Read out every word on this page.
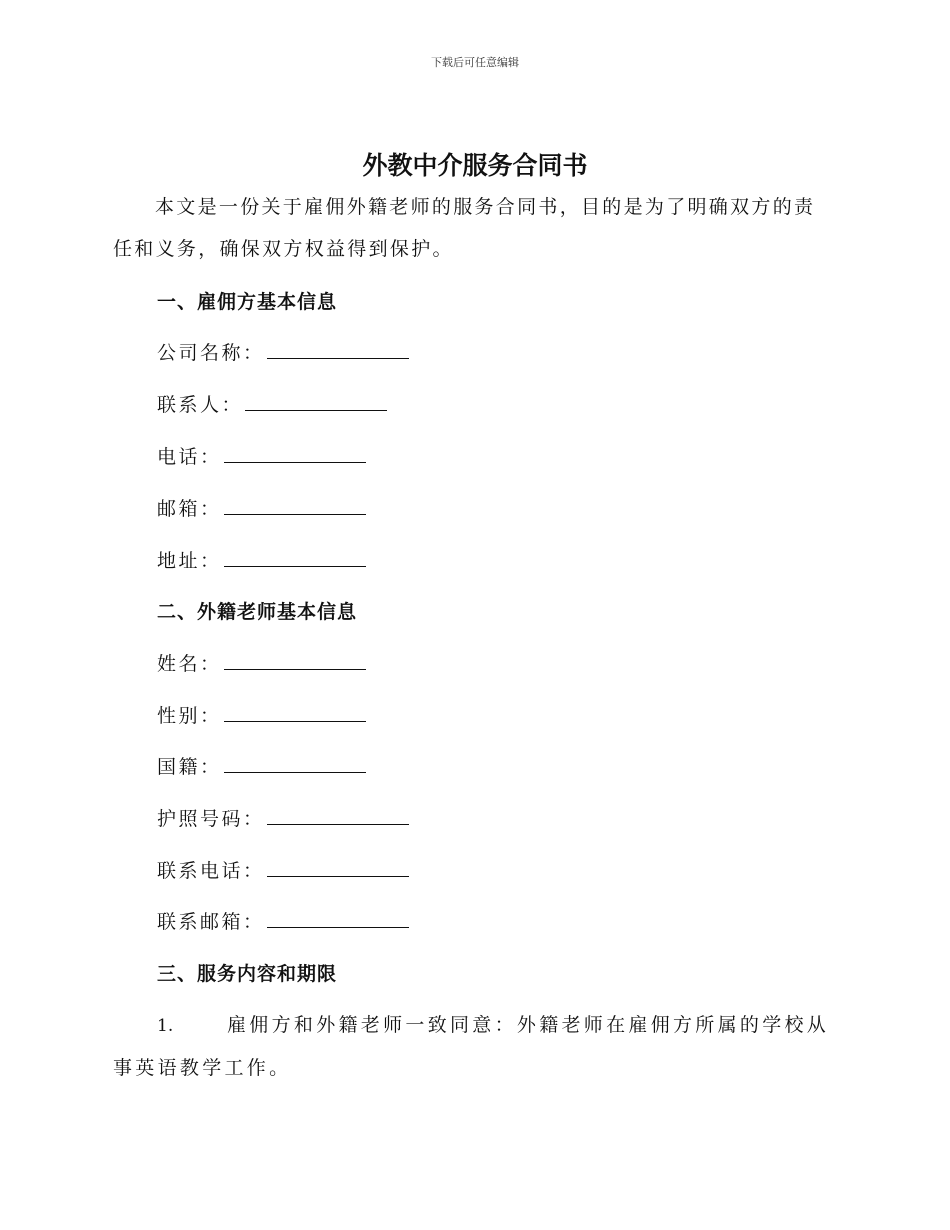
下载后可任意编辑
外教中介服务合同书

本文是一份关于雇佣外籍老师的服务合同书，目的是为了明确双方的责任和义务，确保双方权益得到保护。

一、雇佣方基本信息
公司名称：
联系人：
电话：
邮箱：
地址：
二、外籍老师基本信息
姓名：
性别：
国籍：
护照号码：
联系电话：
联系邮箱：
三、服务内容和期限

1.	雇佣方和外籍老师一致同意：外籍老师在雇佣方所属的学校从事英语教学工作。
